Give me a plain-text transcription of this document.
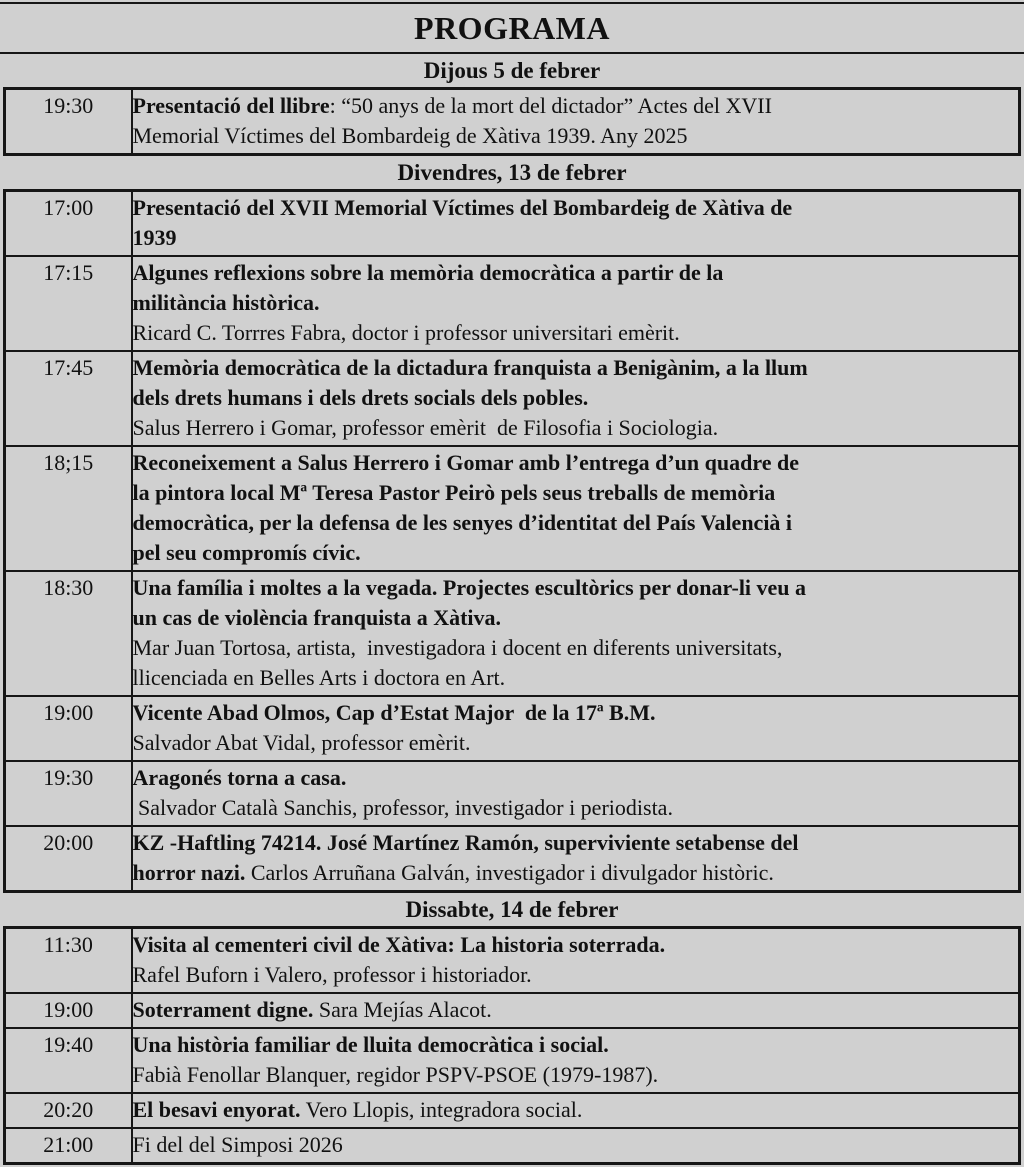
PROGRAMA
Dijous 5 de febrer
19:30	Presentació del llibre: “50 anys de la mort del dictador” Actes del XVII
Memorial Víctimes del Bombardeig de Xàtiva 1939. Any 2025
Divendres, 13 de febrer
17:00	Presentació del XVII Memorial Víctimes del Bombardeig de Xàtiva de
1939

17:15	Algunes reflexions sobre la memòria democràtica a partir de la
militància històrica.
Ricard C. Torrres Fabra, doctor i professor universitari emèrit.

17:45	Memòria democràtica de la dictadura franquista a Benigànim, a la llum
dels drets humans i dels drets socials dels pobles.
Salus Herrero i Gomar, professor emèrit  de Filosofia i Sociologia.

18;15	Reconeixement a Salus Herrero i Gomar amb l’entrega d’un quadre de
la pintora local Mª Teresa Pastor Peirò pels seus treballs de memòria
democràtica, per la defensa de les senyes d’identitat del País Valencià i
pel seu compromís cívic.

18:30	Una família i moltes a la vegada. Projectes escultòrics per donar-li veu a
un cas de violència franquista a Xàtiva.
Mar Juan Tortosa, artista,  investigadora i docent en diferents universitats,
llicenciada en Belles Arts i doctora en Art.

19:00	Vicente Abad Olmos, Cap d’Estat Major  de la 17ª B.M.
Salvador Abat Vidal, professor emèrit.

19:30	Aragonés torna a casa.
Salvador Català Sanchis, professor, investigador i periodista.

20:00	KZ -Haftling 74214. José Martínez Ramón, superviviente setabense del
horror nazi. Carlos Arruñana Galván, investigador i divulgador històric.
Dissabte, 14 de febrer
11:30	Visita al cementeri civil de Xàtiva: La historia soterrada.
Rafel Buforn i Valero, professor i historiador.

19:00	Soterrament digne. Sara Mejías Alacot.

19:40	Una història familiar de lluita democràtica i social.
Fabià Fenollar Blanquer, regidor PSPV-PSOE (1979-1987).

20:20	El besavi enyorat. Vero Llopis, integradora social.

21:00	Fi del del Simposi 2026
